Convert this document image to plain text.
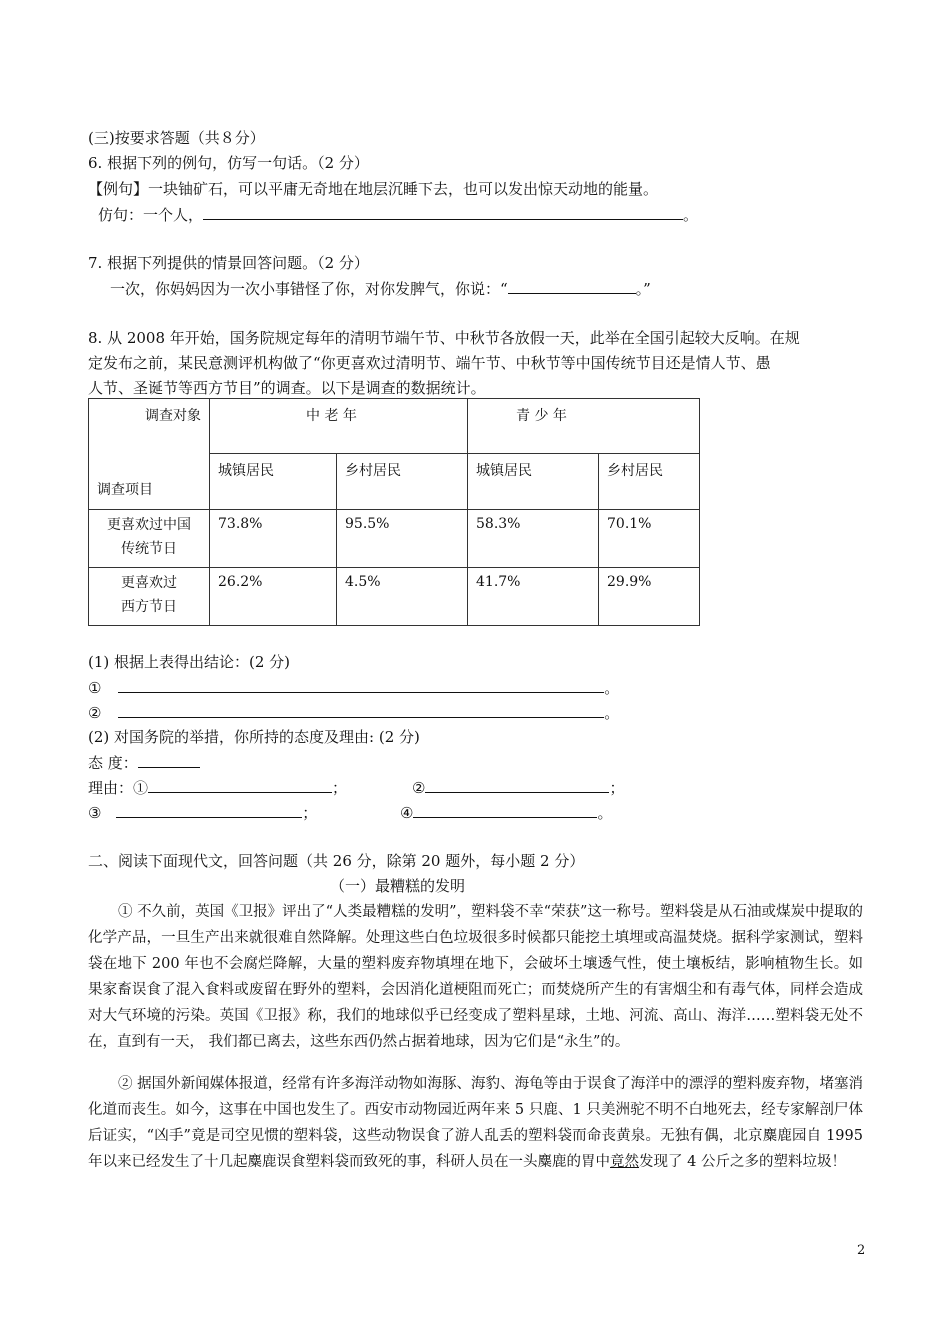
(三)按要求答题（共８分）
6. 根据下列的例句，仿写一句话。（2 分）
【例句】一块铀矿石，可以平庸无奇地在地层沉睡下去，也可以发出惊天动地的能量。
仿句：一个人，	。
7. 根据下列提供的情景回答问题。（2 分）
一次，你妈妈因为一次小事错怪了你，对你发脾气，你说：“	。”
8. 从 2008 年开始，国务院规定每年的清明节端午节、中秋节各放假一天，此举在全国引起较大反响。在规
定发布之前，某民意测评机构做了“你更喜欢过清明节、端午节、中秋节等中国传统节目还是情人节、愚
人节、圣诞节等西方节目”的调查。以下是调查的数据统计。
调查对象
调查项目	中 老 年		青 少 年	
	城镇居民	乡村居民	城镇居民	乡村居民

更喜欢过中国
传统节日	73.8%	95.5%	58.3%	70.1%

更喜欢过
西方节日	26.2%	4.5%	41.7%	29.9%
(1) 根据上表得出结论：(2 分)
①	。
②	。
(2) 对国务院的举措，你所持的态度及理由: (2 分)
态 度：
理由：①	；	②	；
③	；	④	。
二、阅读下面现代文，回答问题（共 26 分，除第 20 题外，每小题 2 分）
（一）最糟糕的发明
① 不久前，英国《卫报》评出了“人类最糟糕的发明”，塑料袋不幸“荣获”这一称号。塑料袋是从石油或煤炭中提取的化学产品，一旦生产出来就很难自然降解。处理这些白色垃圾很多时候都只能挖土填埋或高温焚烧。据科学家测试，塑料袋在地下 200 年也不会腐烂降解，大量的塑料废弃物填埋在地下，会破坏土壤透气性，使土壤板结，影响植物生长。如果家畜误食了混入食料或废留在野外的塑料，会因消化道梗阻而死亡；而焚烧所产生的有害烟尘和有毒气体，同样会造成对大气环境的污染。英国《卫报》称，我们的地球似乎已经变成了塑料星球，土地、河流、高山、海洋……塑料袋无处不在，直到有一天， 我们都已离去，这些东西仍然占据着地球，因为它们是“永生”的。
② 据国外新闻媒体报道，经常有许多海洋动物如海豚、海豹、海龟等由于误食了海洋中的漂浮的塑料废弃物，堵塞消化道而丧生。如今，这事在中国也发生了。西安市动物园近两年来 5 只鹿、1 只美洲驼不明不白地死去，经专家解剖尸体后证实，“凶手”竟是司空见惯的塑料袋，这些动物误食了游人乱丢的塑料袋而命丧黄泉。无独有偶，北京麋鹿园自 1995 年以来已经发生了十几起麋鹿误食塑料袋而致死的事，科研人员在一头麋鹿的胃中竟然发现了 4 公斤之多的塑料垃圾！
2
